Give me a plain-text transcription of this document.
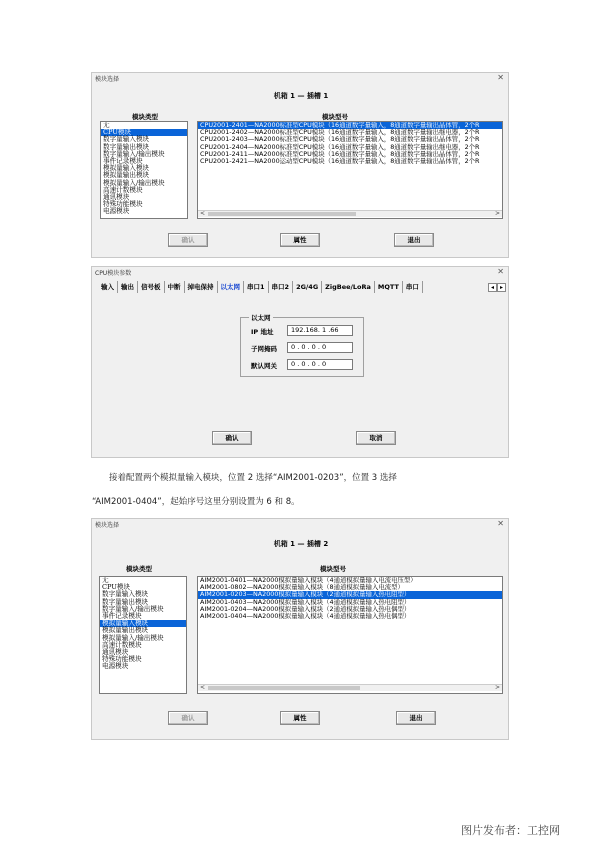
模块选择	✕
机箱 1 — 插槽 1
模块类型	模块型号
无
CPU模块
数字量输入模块
数字量输出模块
数字量输入/输出模块
事件记录模块
模拟量输入模块
模拟量输出模块
模拟量输入/输出模块
高速计数模块
通讯模块
特殊功能模块
电源模块
CPU2001-2401—NA2000标准型CPU模块（16通道数字量输入，8通道数字量输出晶体管，2个R
CPU2001-2402—NA2000标准型CPU模块（16通道数字量输入，8通道数字量输出继电器，2个R
CPU2001-2403—NA2000标准型CPU模块（16通道数字量输入，8通道数字量输出晶体管，2个R
CPU2001-2404—NA2000标准型CPU模块（16通道数字量输入，8通道数字量输出继电器，2个R
CPU2001-2411—NA2000标准型CPU模块（16通道数字量输入，8通道数字量输出晶体管，2个R
CPU2001-2421—NA2000运动型CPU模块（16通道数字量输入，8通道数字量输出晶体管，2个R
<	>
确认	属性	退出
CPU模块参数	✕
输入	输出	信号板	中断	掉电保持	以太网	串口1	串口2	2G/4G	ZigBee/LoRa	MQTT	串口	◂ ▸
以太网
IP 地址	192.168. 1 .66
子网掩码	0 . 0 . 0 . 0
默认网关	0 . 0 . 0 . 0
确认	取消
接着配置两个模拟量输入模块，位置 2 选择“AIM2001-0203”，位置 3 选择
“AIM2001-0404”，起始序号这里分别设置为 6 和 8。
模块选择	✕
机箱 1 — 插槽 2
模块类型	模块型号
无
CPU模块
数字量输入模块
数字量输出模块
数字量输入/输出模块
事件记录模块
模拟量输入模块
模拟量输出模块
模拟量输入/输出模块
高速计数模块
通讯模块
特殊功能模块
电源模块
AIM2001-0401—NA2000模拟量输入模块（4通道模拟量输入电流电压型）
AIM2001-0802—NA2000模拟量输入模块（8通道模拟量输入电流型）
AIM2001-0203—NA2000模拟量输入模块（2通道模拟量输入热电阻型）
AIM2001-0403—NA2000模拟量输入模块（4通道模拟量输入热电阻型）
AIM2001-0204—NA2000模拟量输入模块（2通道模拟量输入热电偶型）
AIM2001-0404—NA2000模拟量输入模块（4通道模拟量输入热电偶型）
<	>
确认	属性	退出
图片发布者：工控网
